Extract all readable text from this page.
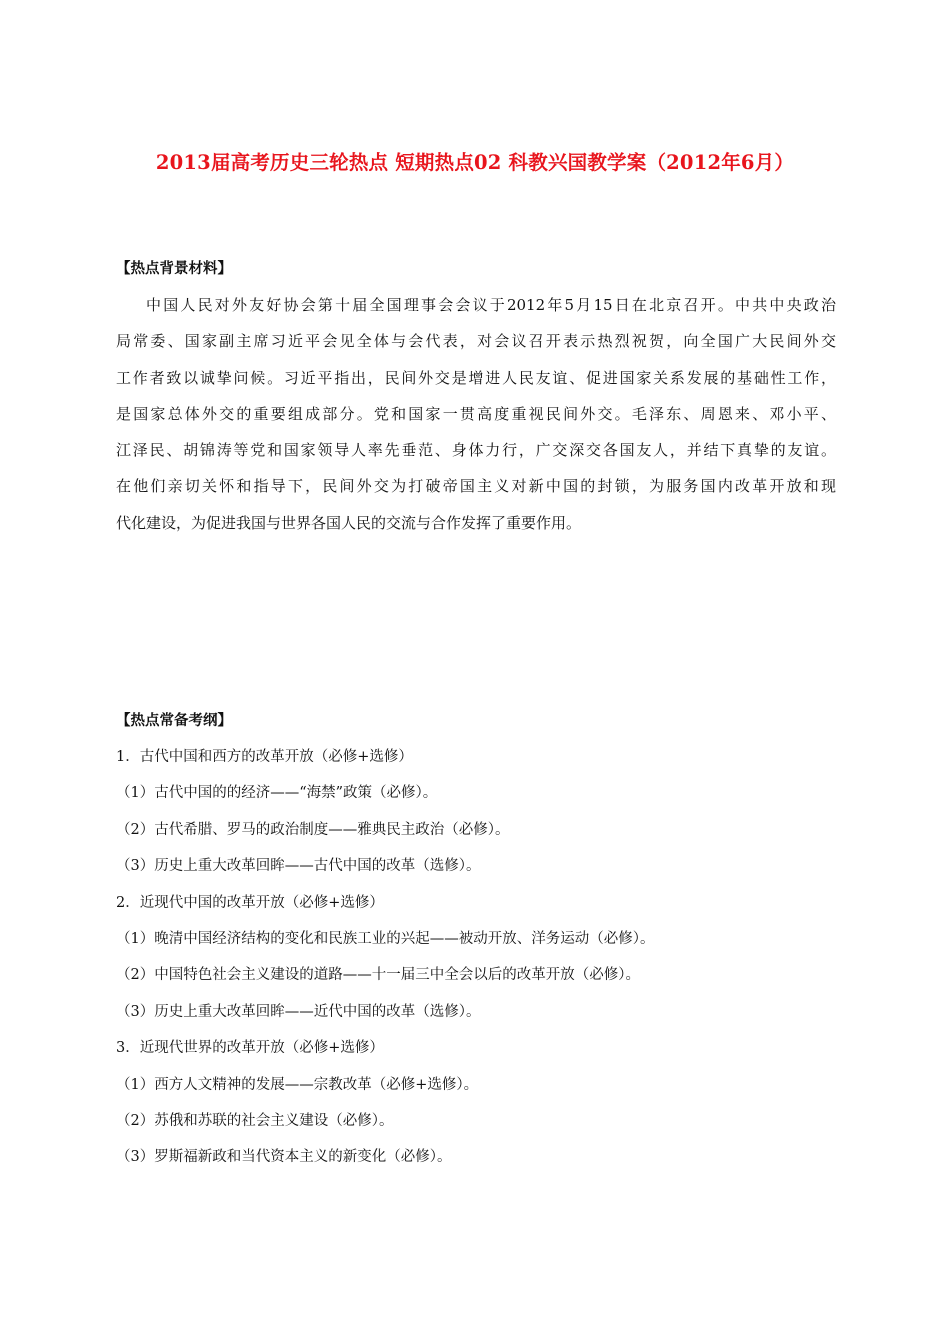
2013届高考历史三轮热点 短期热点02 科教兴国教学案（2012年6月）
【热点背景材料】
中国人民对外友好协会第十届全国理事会会议于2012年5月15日在北京召开。中共中央政治
局常委、国家副主席习近平会见全体与会代表，对会议召开表示热烈祝贺，向全国广大民间外交
工作者致以诚挚问候。习近平指出，民间外交是增进人民友谊、促进国家关系发展的基础性工作，
是国家总体外交的重要组成部分。党和国家一贯高度重视民间外交。毛泽东、周恩来、邓小平、
江泽民、胡锦涛等党和国家领导人率先垂范、身体力行，广交深交各国友人，并结下真挚的友谊。
在他们亲切关怀和指导下，民间外交为打破帝国主义对新中国的封锁，为服务国内改革开放和现
代化建设，为促进我国与世界各国人民的交流与合作发挥了重要作用。
【热点常备考纲】
1．古代中国和西方的改革开放（必修+选修）
（1）古代中国的的经济——“海禁”政策（必修）。
（2）古代希腊、罗马的政治制度——雅典民主政治（必修）。
（3）历史上重大改革回眸——古代中国的改革（选修）。
2．近现代中国的改革开放（必修+选修）
（1）晚清中国经济结构的变化和民族工业的兴起——被动开放、洋务运动（必修）。
（2）中国特色社会主义建设的道路——十一届三中全会以后的改革开放（必修）。
（3）历史上重大改革回眸——近代中国的改革（选修）。
3．近现代世界的改革开放（必修+选修）
（1）西方人文精神的发展——宗教改革（必修+选修）。
（2）苏俄和苏联的社会主义建设（必修）。
（3）罗斯福新政和当代资本主义的新变化（必修）。
